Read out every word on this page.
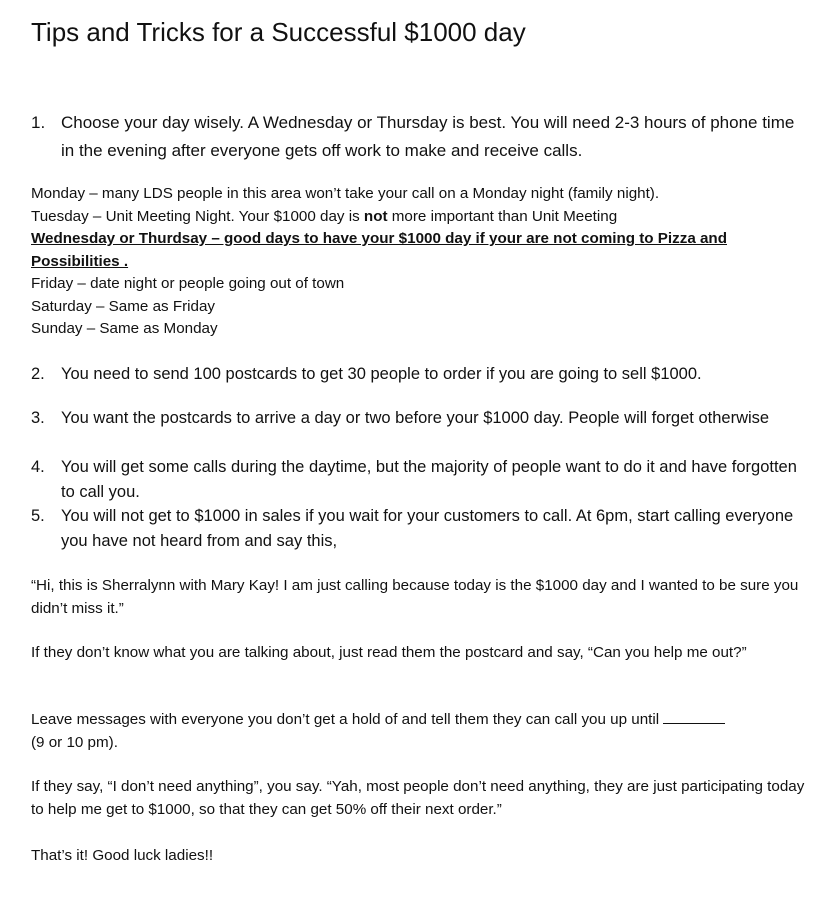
Tips and Tricks for a Successful $1000 day
1. Choose your day wisely. A Wednesday or Thursday is best. You will need 2-3 hours of phone time in the evening after everyone gets off work to make and receive calls.
Monday – many LDS people in this area won’t take your call on a Monday night (family night).
Tuesday – Unit Meeting Night. Your $1000 day is not more important than Unit Meeting
Wednesday or Thurdsay – good days to have your $1000 day if your are not coming to Pizza and Possibilities .
Friday – date night or people going out of town
Saturday – Same as Friday
Sunday – Same as Monday
2. You need to send 100 postcards to get 30 people to order if you are going to sell $1000.
3. You want the postcards to arrive a day or two before your $1000 day. People will forget otherwise
4. You will get some calls during the daytime, but the majority of people want to do it and have forgotten to call you.
5. You will not get to $1000 in sales if you wait for your customers to call. At 6pm, start calling everyone you have not heard from and say this,

“Hi, this is Sherralynn with Mary Kay! I am just calling because today is the $1000 day and I wanted to be sure you didn’t miss it.”

If they don’t know what you are talking about, just read them the postcard and say, “Can you help me out?”

Leave messages with everyone you don’t get a hold of and tell them they can call you up until
(9 or 10 pm).

If they say, “I don’t need anything”, you say. “Yah, most people don’t need anything, they are just participating today to help me get to $1000, so that they can get 50% off their next order.”

That’s it! Good luck ladies!!
